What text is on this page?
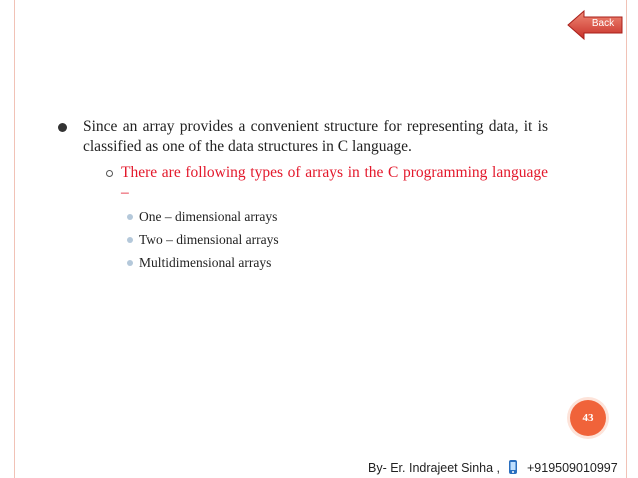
Back
Since an array provides a convenient structure for representing data, it is classified as one of the data structures in C language.
There are following types of arrays in the C programming language –
One – dimensional arrays
Two – dimensional arrays
Multidimensional arrays
43
By- Er. Indrajeet Sinha , +919509010997
